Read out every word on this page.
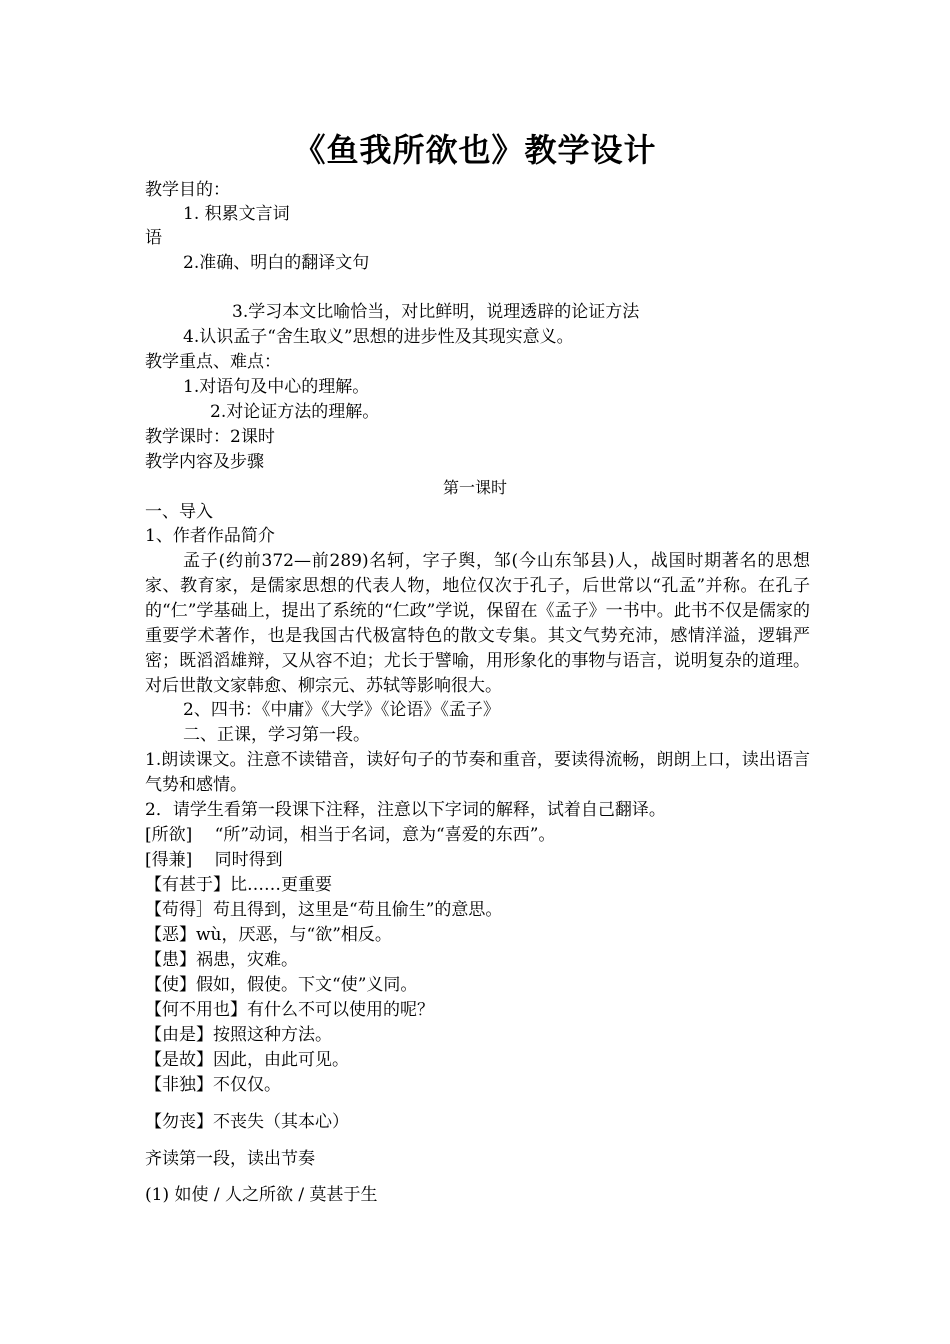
《鱼我所欲也》教学设计
教学目的：
1. 积累文言词
语
2.准确、明白的翻译文句
3.学习本文比喻恰当，对比鲜明，说理透辟的论证方法
4.认识孟子“舍生取义”思想的进步性及其现实意义。
教学重点、难点：
1.对语句及中心的理解。
2.对论证方法的理解。
教学课时：2课时
教学内容及步骤
第一课时
一、导入
1、作者作品简介
孟子(约前372—前289)名轲，字子舆，邹(今山东邹县)人，战国时期著名的思想家、教育家，是儒家思想的代表人物，地位仅次于孔子，后世常以“孔孟”并称。在孔子的“仁”学基础上，提出了系统的“仁政”学说，保留在《孟子》一书中。此书不仅是儒家的重要学术著作，也是我国古代极富特色的散文专集。其文气势充沛，感情洋溢，逻辑严密；既滔滔雄辩，又从容不迫；尤长于譬喻，用形象化的事物与语言，说明复杂的道理。对后世散文家韩愈、柳宗元、苏轼等影响很大。
2、四书：《中庸》《大学》《论语》《孟子》
二、正课，学习第一段。
1.朗读课文。注意不读错音，读好句子的节奏和重音，要读得流畅，朗朗上口，读出语言气势和感情。
2．请学生看第一段课下注释，注意以下字词的解释，试着自己翻译。
[所欲]　 “所”动词，相当于名词，意为“喜爱的东西”。
[得兼]　 同时得到
【有甚于】比……更重要
【苟得］苟且得到，这里是“苟且偷生”的意思。
【恶】wù，厌恶，与“欲”相反。
【患】祸患，灾难。
【使】假如，假使。下文“使”义同。
【何不用也】有什么不可以使用的呢？
【由是】按照这种方法。
【是故】因此，由此可见。
【非独】不仅仅。
【勿丧】不丧失（其本心）
齐读第一段，读出节奏
(1) 如使 / 人之所欲 / 莫甚于生
